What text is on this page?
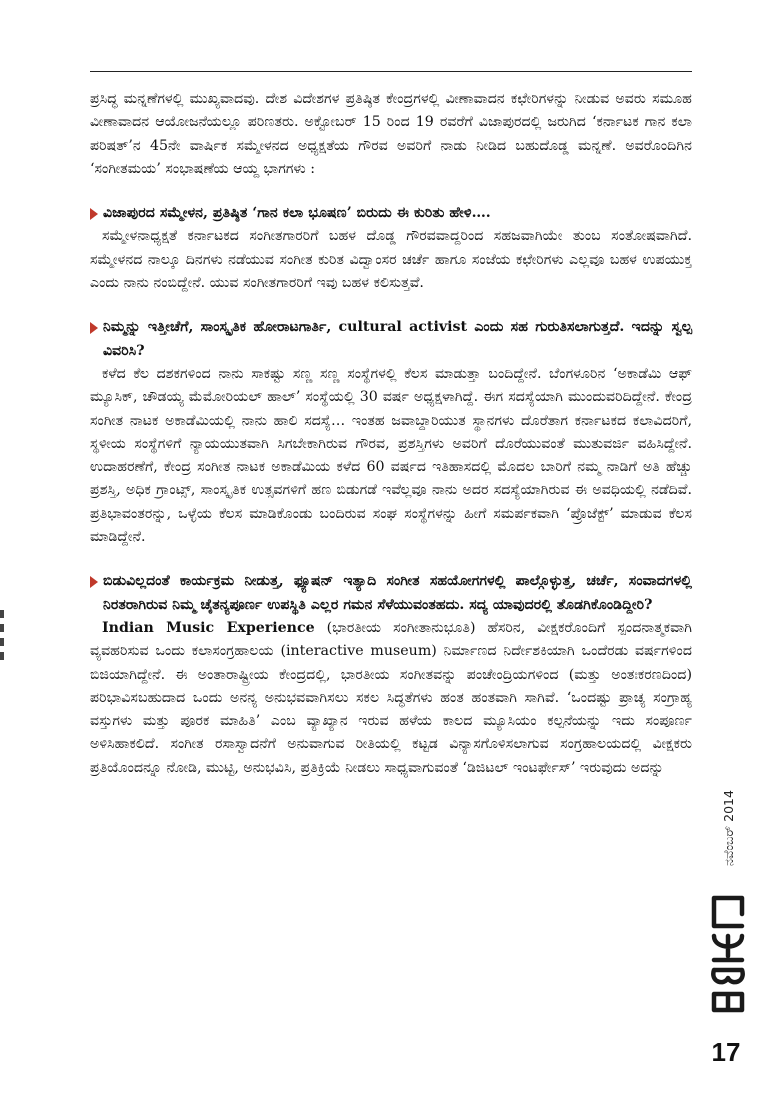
ಪ್ರಸಿದ್ಧ ಮನ್ನಣೆಗಳಲ್ಲಿ ಮುಖ್ಯವಾದವು. ದೇಶ ವಿದೇಶಗಳ ಪ್ರತಿಷ್ಠಿತ ಕೇಂದ್ರಗಳಲ್ಲಿ ವೀಣಾವಾದನ ಕಛೇರಿಗಳನ್ನು ನೀಡುವ ಅವರು ಸಮೂಹ ವೀಣಾವಾದನ ಆಯೋಜನೆಯಲ್ಲೂ ಪರಿಣತರು. ಅಕ್ಟೋಬರ್ 15 ರಿಂದ 19 ರವರೆಗೆ ವಿಜಾಪುರದಲ್ಲಿ ಜರುಗಿದ ‘ಕರ್ನಾಟಕ ಗಾನ ಕಲಾ ಪರಿಷತ್’ನ 45ನೇ ವಾರ್ಷಿಕ ಸಮ್ಮೇಳನದ ಅಧ್ಯಕ್ಷತೆಯ ಗೌರವ ಅವರಿಗೆ ನಾಡು ನೀಡಿದ ಬಹುದೊಡ್ಡ ಮನ್ನಣೆ. ಅವರೊಂದಿಗಿನ ‘ಸಂಗೀತಮಯ’ ಸಂಭಾಷಣೆಯ ಆಯ್ದ ಭಾಗಗಳು :

ವಿಜಾಪುರದ ಸಮ್ಮೇಳನ, ಪ್ರತಿಷ್ಠಿತ ‘ಗಾನ ಕಲಾ ಭೂಷಣ’ ಬಿರುದು ಈ ಕುರಿತು ಹೇಳಿ….

ಸಮ್ಮೇಳನಾಧ್ಯಕ್ಷತೆ ಕರ್ನಾಟಕದ ಸಂಗೀತಗಾರರಿಗೆ ಬಹಳ ದೊಡ್ಡ ಗೌರವವಾದ್ದರಿಂದ ಸಹಜವಾಗಿಯೇ ತುಂಬ ಸಂತೋಷವಾಗಿದೆ. ಸಮ್ಮೇಳನದ ನಾಲ್ಕೂ ದಿನಗಳು ನಡೆಯುವ ಸಂಗೀತ ಕುರಿತ ವಿದ್ವಾಂಸರ ಚರ್ಚೆ ಹಾಗೂ ಸಂಜೆಯ ಕಛೇರಿಗಳು ಎಲ್ಲವೂ ಬಹಳ ಉಪಯುಕ್ತ ಎಂದು ನಾನು ನಂಬಿದ್ದೇನೆ. ಯುವ ಸಂಗೀತಗಾರರಿಗೆ ಇವು ಬಹಳ ಕಲಿಸುತ್ತವೆ.

ನಿಮ್ಮನ್ನು ಇತ್ತೀಚೆಗೆ, ಸಾಂಸ್ಕೃತಿಕ ಹೋರಾಟಗಾರ್ತಿ, cultural activist ಎಂದು ಸಹ ಗುರುತಿಸಲಾಗುತ್ತದೆ. ಇದನ್ನು ಸ್ವಲ್ಪ ವಿವರಿಸಿ?

ಕಳೆದ ಕೆಲ ದಶಕಗಳಿಂದ ನಾನು ಸಾಕಷ್ಟು ಸಣ್ಣ ಸಣ್ಣ ಸಂಸ್ಥೆಗಳಲ್ಲಿ ಕೆಲಸ ಮಾಡುತ್ತಾ ಬಂದಿದ್ದೇನೆ. ಬೆಂಗಳೂರಿನ ‘ಅಕಾಡೆಮಿ ಆಫ್ ಮ್ಯೂಸಿಕ್, ಚೌಡಯ್ಯ ಮೆಮೋರಿಯಲ್ ಹಾಲ್’ ಸಂಸ್ಥೆಯಲ್ಲಿ 30 ವರ್ಷ ಅಧ್ಯಕ್ಷಳಾಗಿದ್ದೆ. ಈಗ ಸದಸ್ಯೆಯಾಗಿ ಮುಂದುವರಿದಿದ್ದೇನೆ. ಕೇಂದ್ರ ಸಂಗೀತ ನಾಟಕ ಅಕಾಡೆಮಿಯಲ್ಲಿ ನಾನು ಹಾಲಿ ಸದಸ್ಯೆ… ಇಂತಹ ಜವಾಬ್ದಾರಿಯುತ ಸ್ಥಾನಗಳು ದೊರೆತಾಗ ಕರ್ನಾಟಕದ ಕಲಾವಿದರಿಗೆ, ಸ್ಥಳೀಯ ಸಂಸ್ಥೆಗಳಿಗೆ ನ್ಯಾಯಯುತವಾಗಿ ಸಿಗಬೇಕಾಗಿರುವ ಗೌರವ, ಪ್ರಶಸ್ತಿಗಳು ಅವರಿಗೆ ದೊರೆಯುವಂತೆ ಮುತುವರ್ಜಿ ವಹಿಸಿದ್ದೇನೆ. ಉದಾಹರಣೆಗೆ, ಕೇಂದ್ರ ಸಂಗೀತ ನಾಟಕ ಅಕಾಡೆಮಿಯ ಕಳೆದ 60 ವರ್ಷದ ಇತಿಹಾಸದಲ್ಲಿ ಮೊದಲ ಬಾರಿಗೆ ನಮ್ಮ ನಾಡಿಗೆ ಅತಿ ಹೆಚ್ಚು ಪ್ರಶಸ್ತಿ, ಅಧಿಕ ಗ್ರಾಂಟ್ಸ್, ಸಾಂಸ್ಕೃತಿಕ ಉತ್ಸವಗಳಿಗೆ ಹಣ ಬಿಡುಗಡೆ ಇವೆಲ್ಲವೂ ನಾನು ಅದರ ಸದಸ್ಯೆಯಾಗಿರುವ ಈ ಅವಧಿಯಲ್ಲಿ ನಡೆದಿವೆ. ಪ್ರತಿಭಾವಂತರನ್ನು, ಒಳ್ಳೆಯ ಕೆಲಸ ಮಾಡಿಕೊಂಡು ಬಂದಿರುವ ಸಂಘ ಸಂಸ್ಥೆಗಳನ್ನು ಹೀಗೆ ಸಮರ್ಪಕವಾಗಿ ‘ಪ್ರೊಜೆಕ್ಟ್’ ಮಾಡುವ ಕೆಲಸ ಮಾಡಿದ್ದೇನೆ.

ಬಿಡುವಿಲ್ಲದಂತೆ ಕಾರ್ಯಕ್ರಮ ನೀಡುತ್ತ, ಫ್ಯೂಷನ್ ಇತ್ಯಾದಿ ಸಂಗೀತ ಸಹಯೋಗಗಳಲ್ಲಿ ಪಾಲ್ಗೊಳ್ಳುತ್ತ, ಚರ್ಚೆ, ಸಂವಾದಗಳಲ್ಲಿ ನಿರತರಾಗಿರುವ ನಿಮ್ಮ ಚೈತನ್ಯಪೂರ್ಣ ಉಪಸ್ಥಿತಿ ಎಲ್ಲರ ಗಮನ ಸೆಳೆಯುವಂತಹದು. ಸದ್ಯ ಯಾವುದರಲ್ಲಿ ತೊಡಗಿಕೊಂಡಿದ್ದೀರಿ?

Indian Music Experience (ಭಾರತೀಯ ಸಂಗೀತಾನುಭೂತಿ) ಹೆಸರಿನ, ವೀಕ್ಷಕರೊಂದಿಗೆ ಸ್ಪಂದನಾತ್ಮಕವಾಗಿ ವ್ಯವಹರಿಸುವ ಒಂದು ಕಲಾಸಂಗ್ರಹಾಲಯ (interactive museum) ನಿರ್ಮಾಣದ ನಿರ್ದೇಶಕಿಯಾಗಿ ಒಂದೆರಡು ವರ್ಷಗಳಿಂದ ಬಿಜಿಯಾಗಿದ್ದೇನೆ. ಈ ಅಂತಾರಾಷ್ಟ್ರೀಯ ಕೇಂದ್ರದಲ್ಲಿ, ಭಾರತೀಯ ಸಂಗೀತವನ್ನು ಪಂಚೇಂದ್ರಿಯಗಳಿಂದ (ಮತ್ತು ಅಂತಃಕರಣದಿಂದ) ಪರಿಭಾವಿಸಬಹುದಾದ ಒಂದು ಅನನ್ಯ ಅನುಭವವಾಗಿಸಲು ಸಕಲ ಸಿದ್ಧತೆಗಳು ಹಂತ ಹಂತವಾಗಿ ಸಾಗಿವೆ. ‘ಒಂದಷ್ಟು ಪ್ರಾಚ್ಯ ಸಂಗ್ರಾಹ್ಯ ವಸ್ತುಗಳು ಮತ್ತು ಪೂರಕ ಮಾಹಿತಿ’ ಎಂಬ ವ್ಯಾಖ್ಯಾನ ಇರುವ ಹಳೆಯ ಕಾಲದ ಮ್ಯೂಸಿಯಂ ಕಲ್ಪನೆಯನ್ನು ಇದು ಸಂಪೂರ್ಣ ಅಳಿಸಿಹಾಕಲಿದೆ. ಸಂಗೀತ ರಸಾಸ್ವಾದನೆಗೆ ಅನುವಾಗುವ ರೀತಿಯಲ್ಲಿ ಕಟ್ಟಡ ವಿನ್ಯಾಸಗೊಳಿಸಲಾಗುವ ಸಂಗ್ರಹಾಲಯದಲ್ಲಿ ವೀಕ್ಷಕರು ಪ್ರತಿಯೊಂದನ್ನೂ ನೋಡಿ, ಮುಟ್ಟಿ, ಅನುಭವಿಸಿ, ಪ್ರತಿಕ್ರಿಯೆ ನೀಡಲು ಸಾಧ್ಯವಾಗುವಂತೆ ‘ಡಿಜಿಟಲ್ ಇಂಟರ್ಫೇಸ್’ ಇರುವುದು ಅದನ್ನು

ನವೆಂಬರ್ 2014
17
